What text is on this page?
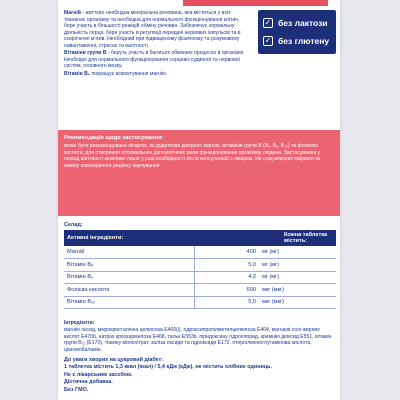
Магній - життєво необхідна мінеральна речовина, яка міститься у всіх тканинах організму та необхідна для нормального функціонування клітин, бере участь в більшості реакцій обміну речовин. Забезпечує нормальну діяльність серця, бере участь в регуляції передачі нервових імпульсів та в скороченні м'язів. Необхідний при підвищеному фізичному та розумовому навантаженні, стресах та вагітності.

Вітаміни групи В - беруть участь в багатьох обмінних процесах в організмі. Необхідні для нормального функціонування серцево-судинної та нервової систем, головного мозку.

Вітамін B₆ покращує всмоктування магнію.

✓ без лактози
✓ без глютену
Рекомендація щодо застосування:
може бути рекомендована лікарем, як додаткове джерело магнію, вітамінів групи В (B₁, B₆, B₁₂) та фолієвої кислоти, для створення оптимальних дієтологічних умов функціонування організму людини. Застосування у період вагітності можливе лише у разі необхідності після консультації з лікарем. Не слід використовувати як заміну повноцінного раціону харчування.
Склад:
Активні інгредієнти:	Кожна таблетка містить:	
Магній	400	мг (мг)
Вітамін B₆	5,0	мг (мг)
Вітамін B₁	4,2	мг (мг)
Фолієва кислота	600	мкг (мкг)
Вітамін B₁₂	5,0	мкг (мкг)
Інгредієнти:
магнію оксид, мікрокристалічна целюлоза E460(i), гідроксипропілметилцелюлоза E464, магнієві солі жирних кислот E470b, натрію кроскармелоза E468, тальк E553b, піридоксину гідрохлорид, кремнію діоксид E551, вітамін групи B₁₂ (E170), тіаміну мононітрат, заліза оксиди та гідроксиди E172, птероїлмоноглутамінова кислота, ціанокобаламін.
До уваги хворих на цукровий діабет:
1 таблетка містить 1,3 ккал (ккал) / 5,4 кДж (кДж), не містить хлібних одиниць.
Не є лікарським засобом.
Дієтична добавка.
Без ГМО.
